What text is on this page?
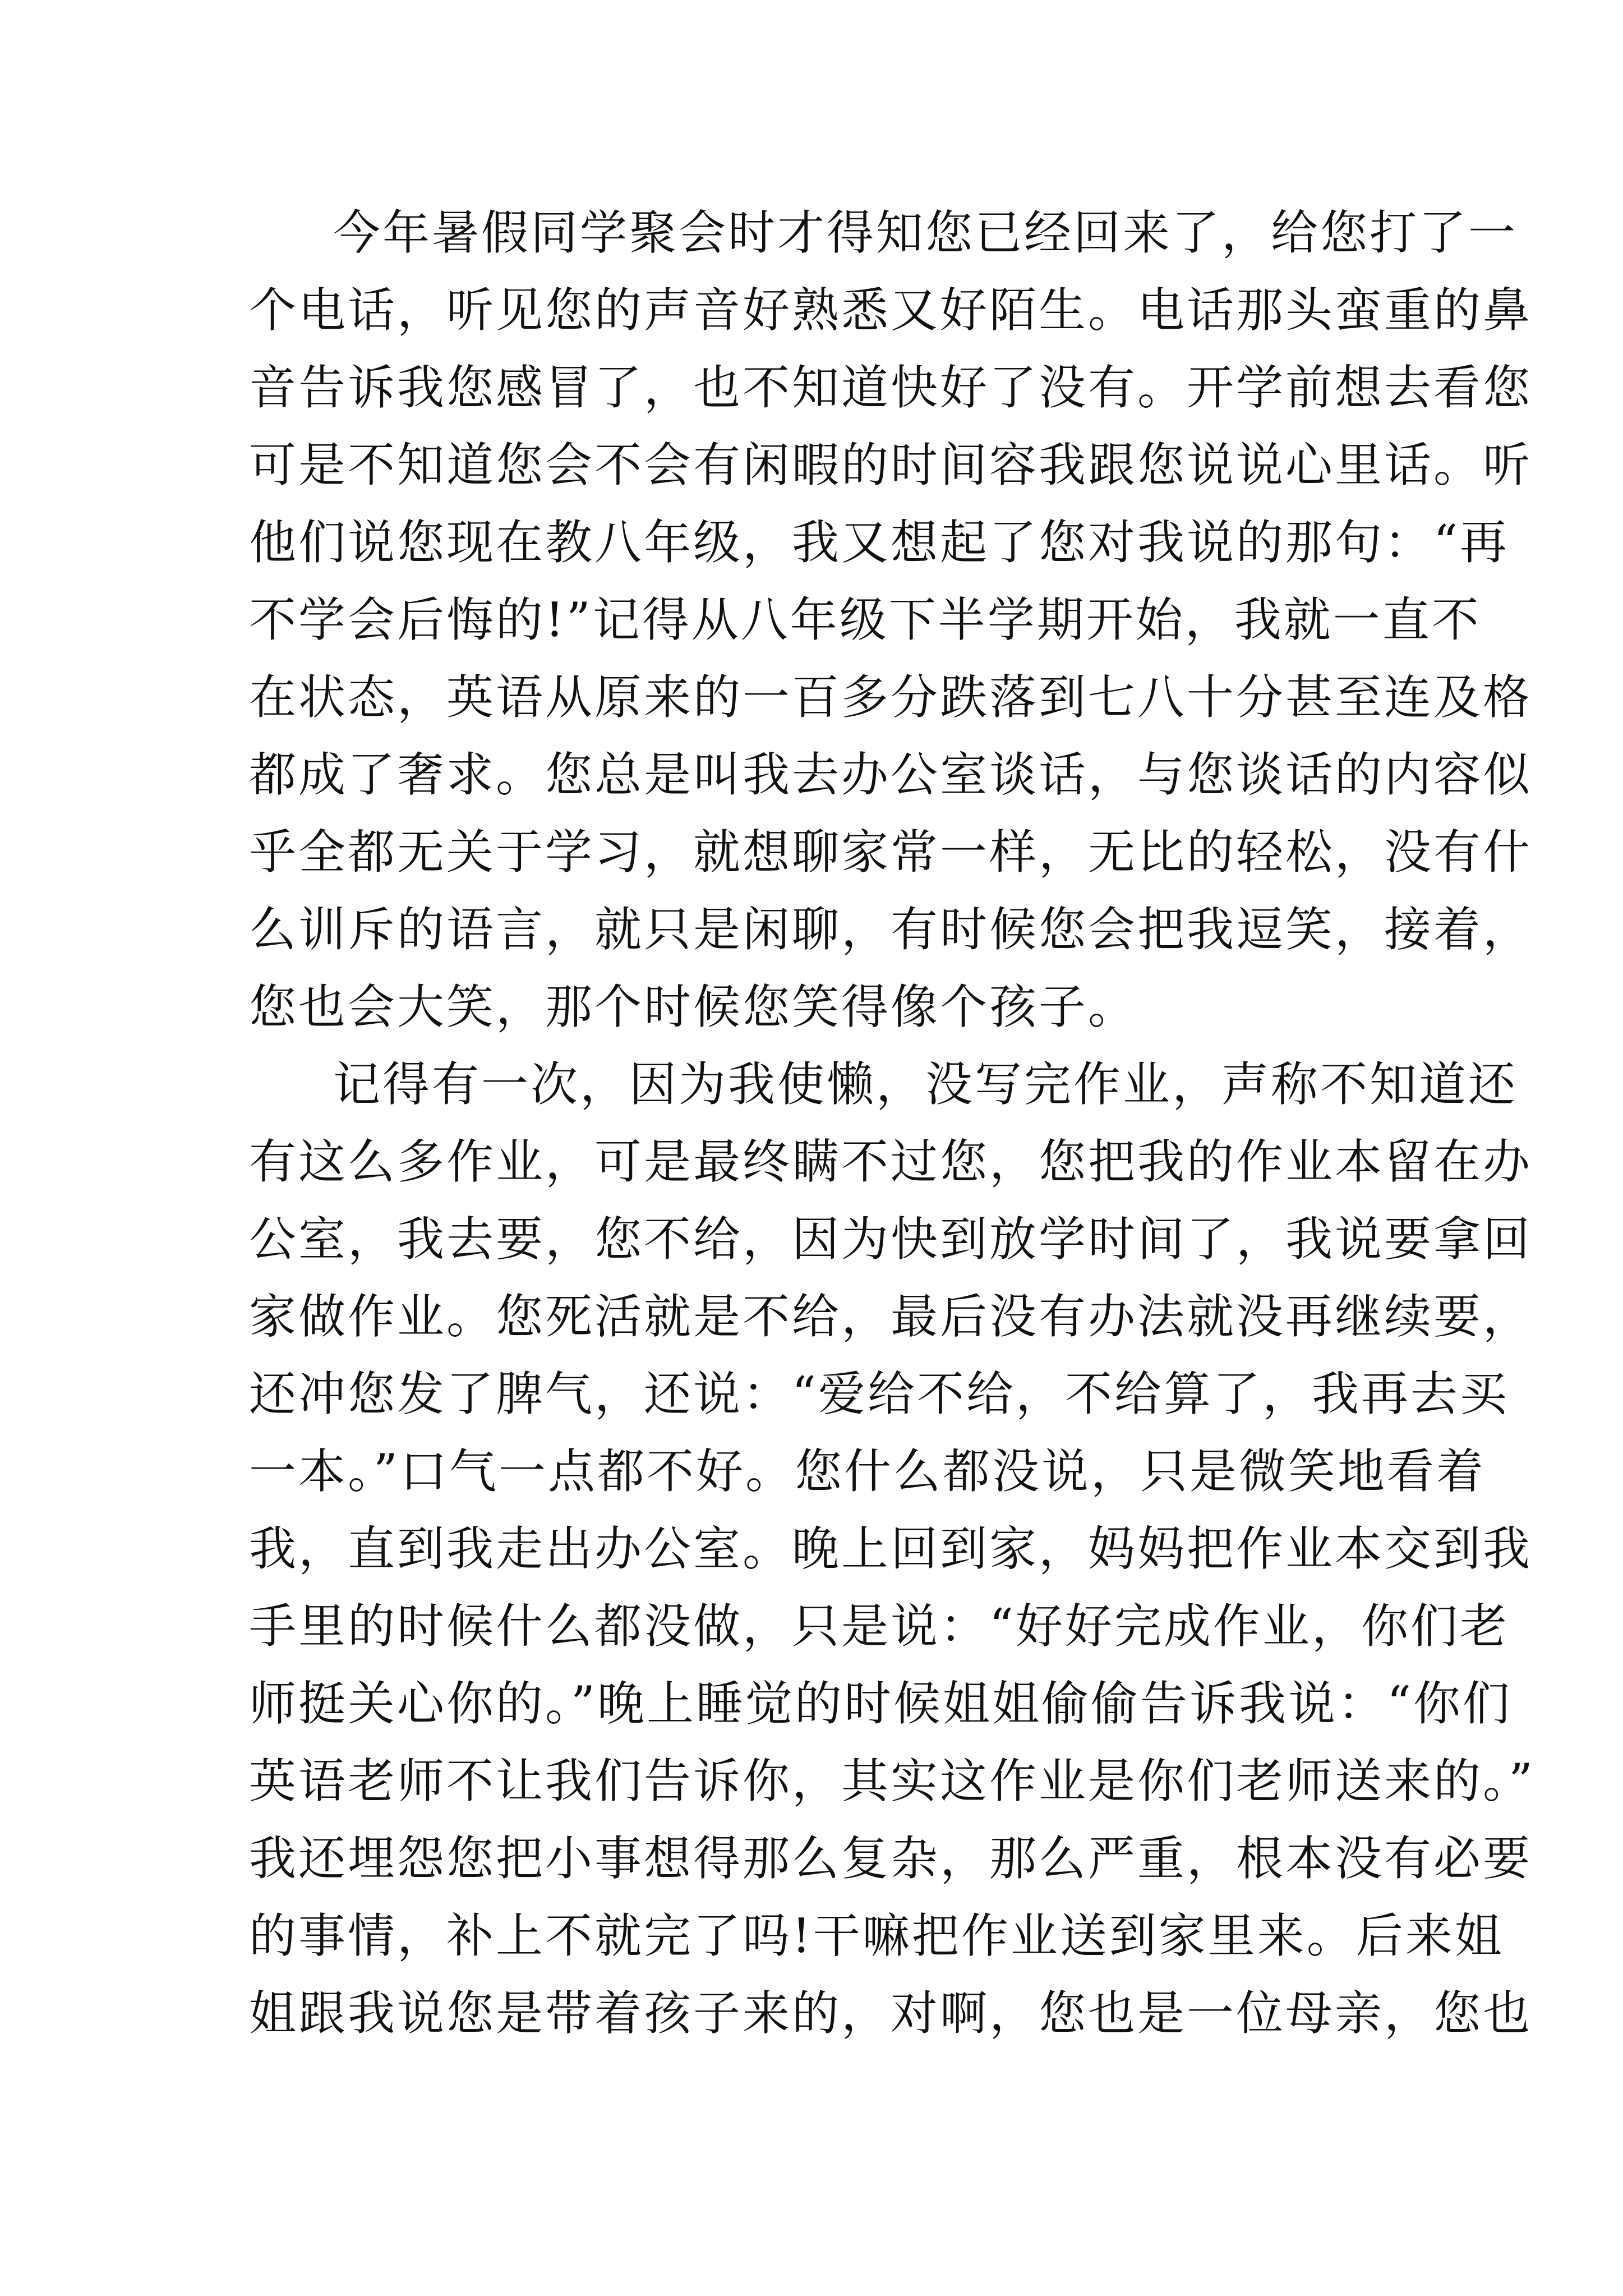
今年暑假同学聚会时才得知您已经回来了，给您打了一
个电话，听见您的声音好熟悉又好陌生。电话那头蛮重的鼻
音告诉我您感冒了，也不知道快好了没有。开学前想去看您
可是不知道您会不会有闲暇的时间容我跟您说说心里话。听
他们说您现在教八年级，我又想起了您对我说的那句：“再
不学会后悔的!”记得从八年级下半学期开始，我就一直不
在状态，英语从原来的一百多分跌落到七八十分甚至连及格
都成了奢求。您总是叫我去办公室谈话，与您谈话的内容似
乎全都无关于学习，就想聊家常一样，无比的轻松，没有什
么训斥的语言，就只是闲聊，有时候您会把我逗笑，接着，
您也会大笑，那个时候您笑得像个孩子。
记得有一次，因为我使懒，没写完作业，声称不知道还
有这么多作业，可是最终瞒不过您，您把我的作业本留在办
公室，我去要，您不给，因为快到放学时间了，我说要拿回
家做作业。您死活就是不给，最后没有办法就没再继续要，
还冲您发了脾气，还说：“爱给不给，不给算了，我再去买
一本。”口气一点都不好。您什么都没说，只是微笑地看着
我，直到我走出办公室。晚上回到家，妈妈把作业本交到我
手里的时候什么都没做，只是说：“好好完成作业，你们老
师挺关心你的。”晚上睡觉的时候姐姐偷偷告诉我说：“你们
英语老师不让我们告诉你，其实这作业是你们老师送来的。”
我还埋怨您把小事想得那么复杂，那么严重，根本没有必要
的事情，补上不就完了吗!干嘛把作业送到家里来。后来姐
姐跟我说您是带着孩子来的，对啊，您也是一位母亲，您也
